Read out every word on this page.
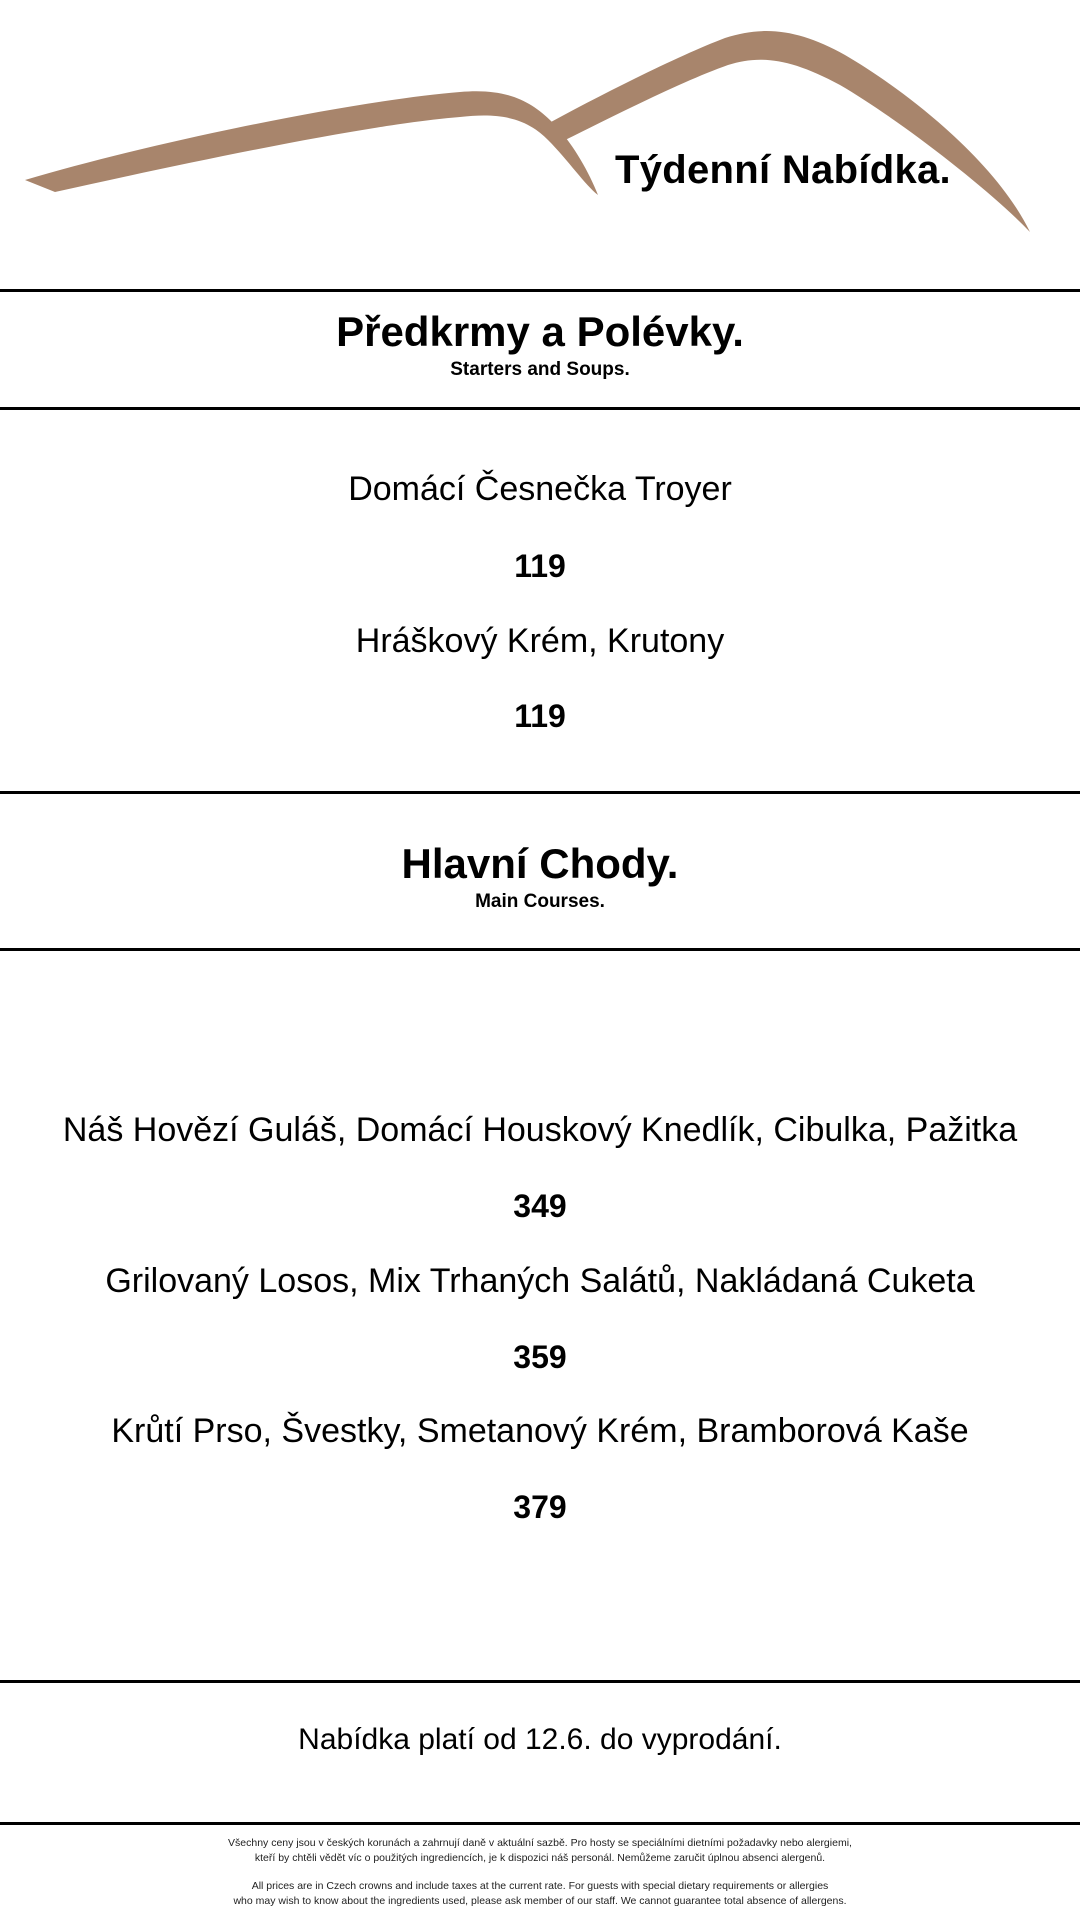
Týdenní Nabídka.
Předkrmy a Polévky.
Starters and Soups.
Domácí Česnečka Troyer
119
Hráškový Krém, Krutony
119
Hlavní Chody.
Main Courses.
Náš Hovězí Guláš, Domácí Houskový Knedlík, Cibulka, Pažitka
349
Grilovaný Losos, Mix Trhaných Salátů, Nakládaná Cuketa
359
Krůtí Prso, Švestky, Smetanový Krém, Bramborová Kaše
379
Nabídka platí od 12.6. do vyprodání.
Všechny ceny jsou v českých korunách a zahrnují daně v aktuální sazbě. Pro hosty se speciálními dietními požadavky nebo alergiemi,
kteří by chtěli vědět víc o použitých ingrediencích, je k dispozici náš personál. Nemůžeme zaručit úplnou absenci alergenů.
All prices are in Czech crowns and include taxes at the current rate. For guests with special dietary requirements or allergies
who may wish to know about the ingredients used, please ask member of our staff. We cannot guarantee total absence of allergens.
